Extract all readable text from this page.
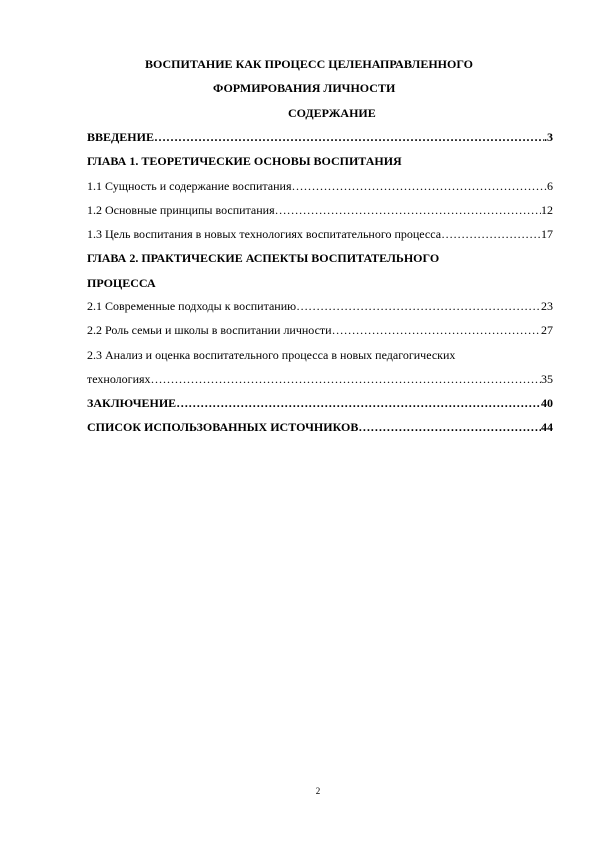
ВОСПИТАНИЕ КАК ПРОЦЕСС ЦЕЛЕНАПРАВЛЕННОГО
ФОРМИРОВАНИЯ ЛИЧНОСТИ
СОДЕРЖАНИЕ
ВВЕДЕНИЕ …………………………………………………………………………………………………………………………………………………………………………………………………………	.3
ГЛАВА 1. ТЕОРЕТИЧЕСКИЕ ОСНОВЫ ВОСПИТАНИЯ
1.1 Сущность и содержание воспитания …………………………………………………………………………………………………………………………………………………………………………………………………………	6
1.2 Основные принципы воспитания …………………………………………………………………………………………………………………………………………………………………………………………………………	12
1.3 Цель воспитания в новых технологиях воспитательного процесса …………………………………………………………………………………………………………………………………………………………………………………………………………	17
ГЛАВА 2. ПРАКТИЧЕСКИЕ АСПЕКТЫ ВОСПИТАТЕЛЬНОГО
ПРОЦЕССА
2.1 Современные подходы к воспитанию …………………………………………………………………………………………………………………………………………………………………………………………………………	23
2.2 Роль семьи и школы в воспитании личности …………………………………………………………………………………………………………………………………………………………………………………………………………	27
2.3 Анализ и оценка воспитательного процесса в новых педагогических
технологиях …………………………………………………………………………………………………………………………………………………………………………………………………………	35
ЗАКЛЮЧЕНИЕ …………………………………………………………………………………………………………………………………………………………………………………………………………	40
СПИСОК ИСПОЛЬЗОВАННЫХ ИСТОЧНИКОВ …………………………………………………………………………………………………………………………………………………………………………………………………………	44
2
